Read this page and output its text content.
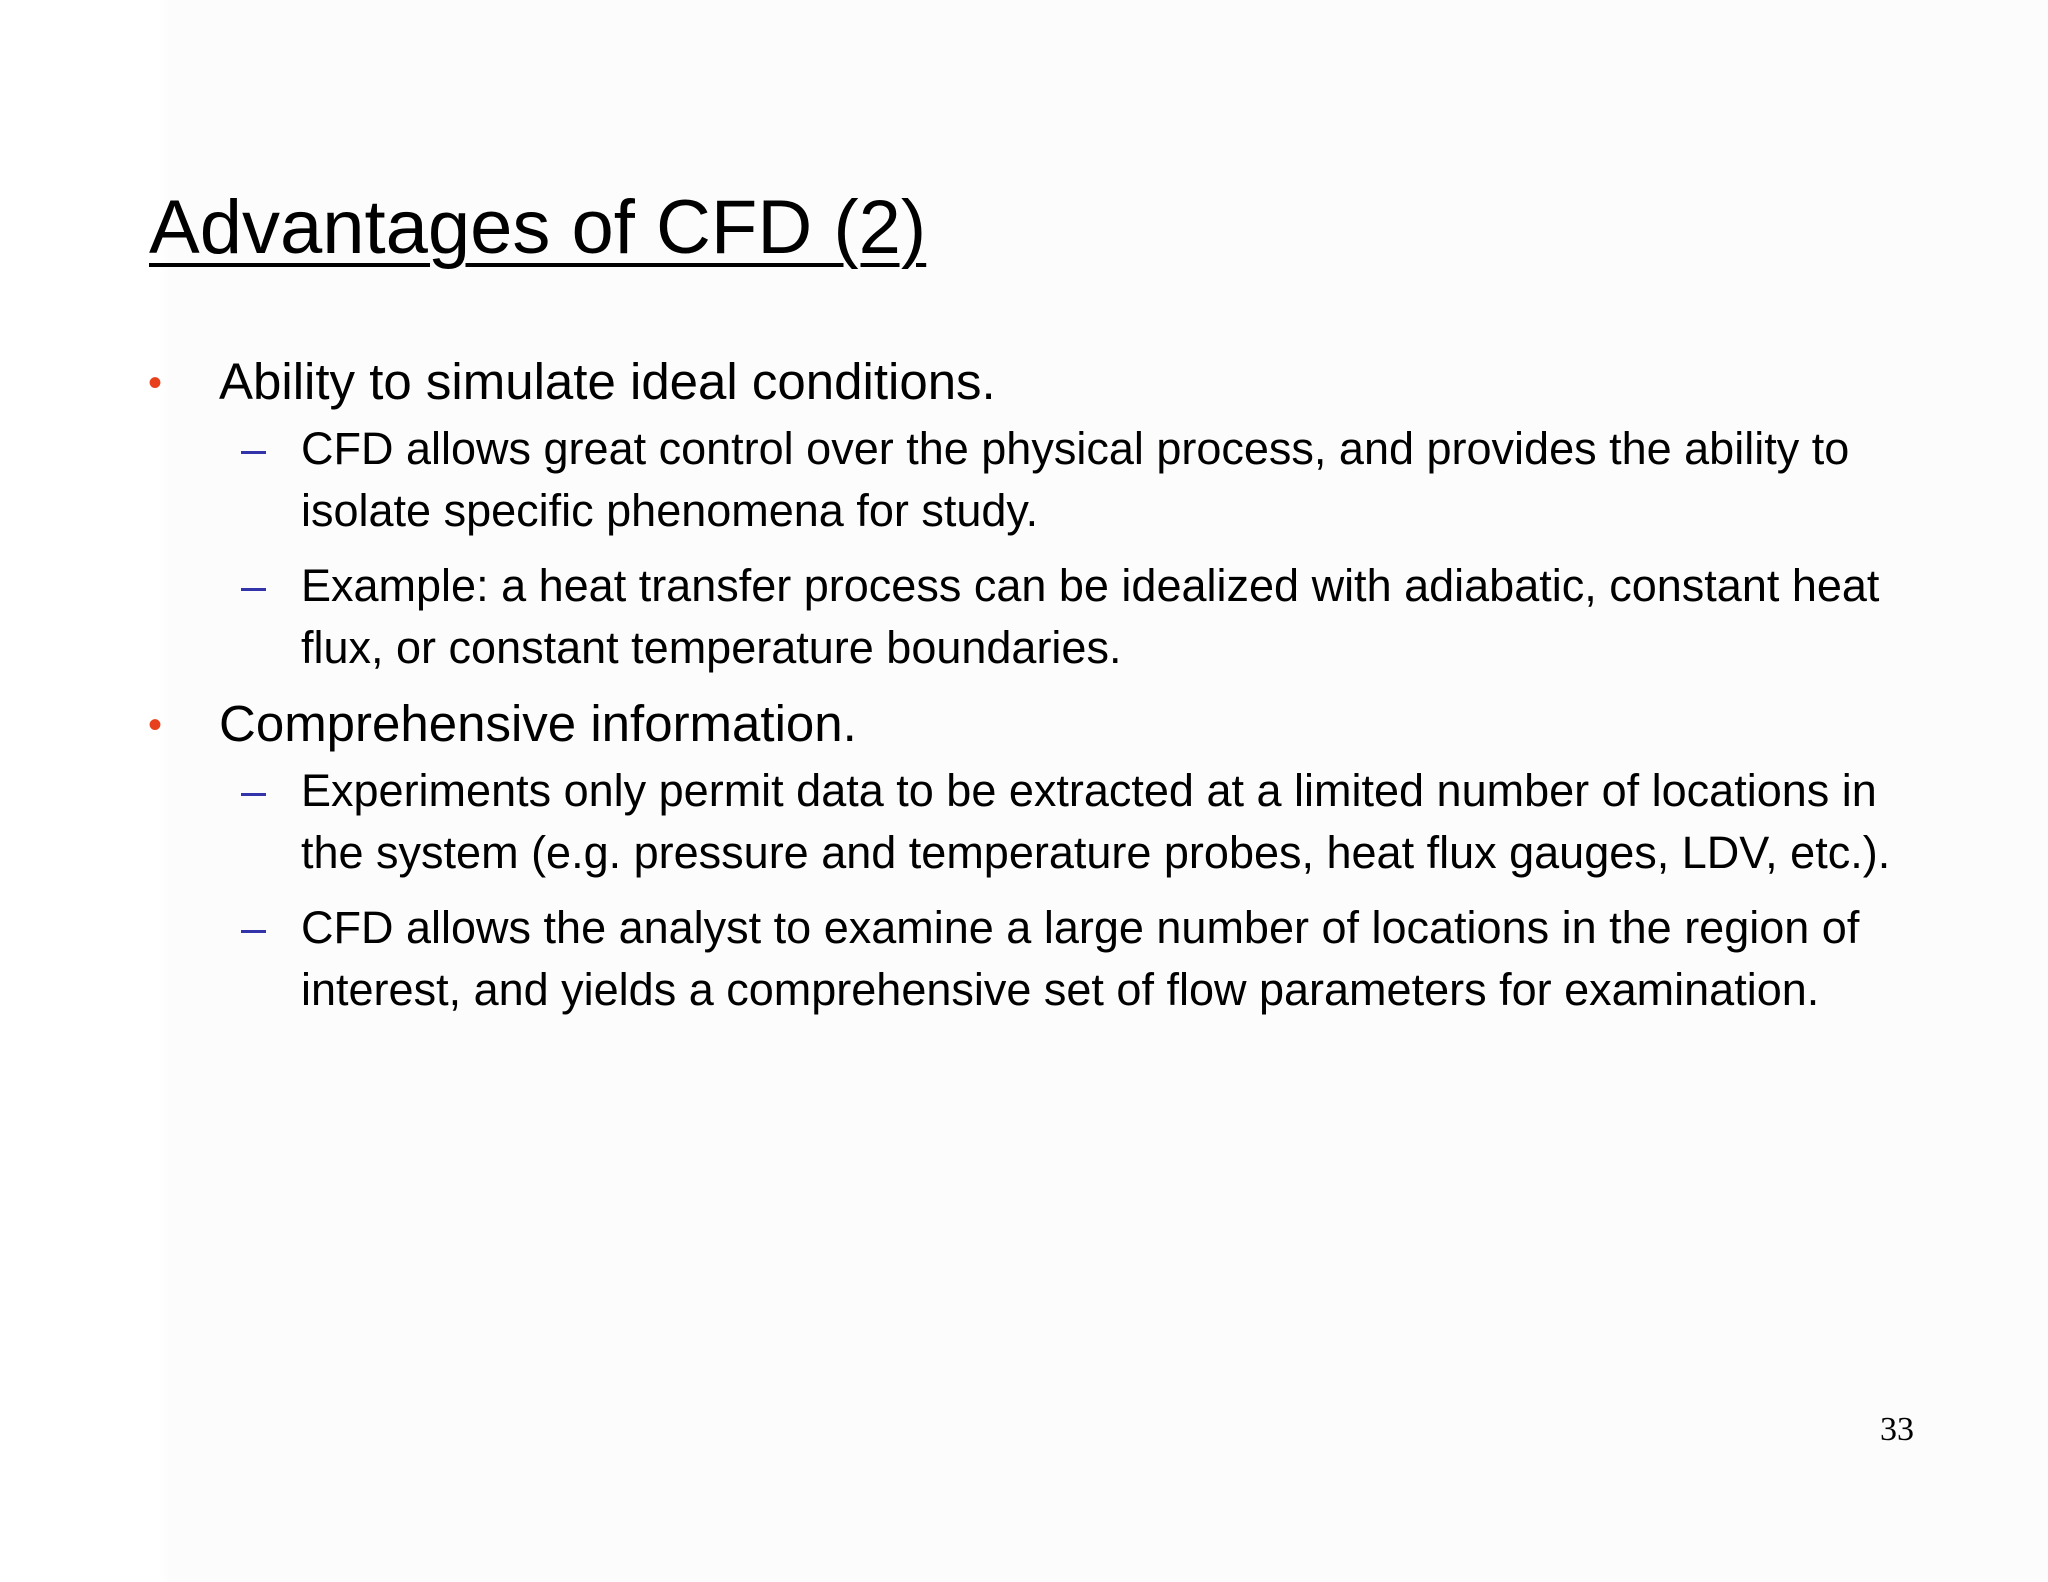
Advantages of CFD (2)
• Ability to simulate ideal conditions.
– CFD allows great control over the physical process, and provides the ability to isolate specific phenomena for study.
– Example: a heat transfer process can be idealized with adiabatic, constant heat flux, or constant temperature boundaries.
• Comprehensive information.
– Experiments only permit data to be extracted at a limited number of locations in the system (e.g. pressure and temperature probes, heat flux gauges, LDV, etc.).
– CFD allows the analyst to examine a large number of locations in the region of interest, and yields a comprehensive set of flow parameters for examination.
33
